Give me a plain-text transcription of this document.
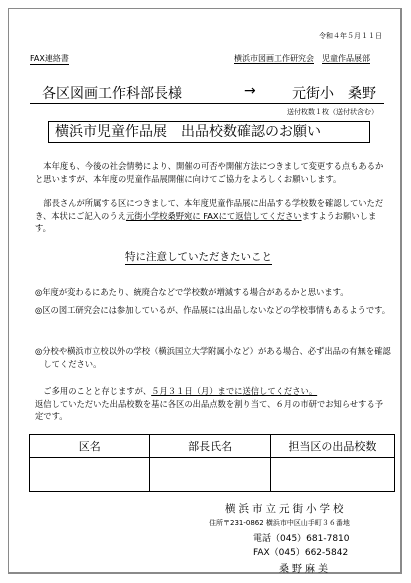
令和４年５月１１日
FAX連絡書	横浜市図画工作研究会　 児童作品展部
各区図画工作科部長様	→	元街小　桑野
送付枚数１枚（送付状含む）
横浜市児童作品展　出品校数確認のお願い
本年度も、今後の社会情勢により、開催の可否や開催方法につきまして変更する点もあるかと思いますが、本年度の児童作品展開催に向けてご協力をよろしくお願いします。
部長さんが所属する区につきまして、本年度児童作品展に出品する学校数を確認していただき、本状にご記入のうえ元街小学校桑野宛に FAXにて返信してくださいますようお願いします。
特に注意していただきたいこと
◎年度が変わるにあたり、統廃合などで学校数が増減する場合があるかと思います。
◎区の図工研究会には参加しているが、作品展には出品しないなどの学校事情もあるようです。
◎分校や横浜市立校以外の学校（横浜国立大学附属小など）がある場合、必ず出品の有無を確認してください。
ご多用のことと存じますが、５月３１日（月）までに送信してください。
返信していただいた出品校数を基に各区の出品点数を割り当て、６月の市研でお知らせする予定です。
区名	部長氏名	担当区の出品校数

横浜市立元街小学校
住所〒231-0862 横浜市中区山手町３６番地
電話（045）681-7810
FAX（045）662-5842
桑野麻美
